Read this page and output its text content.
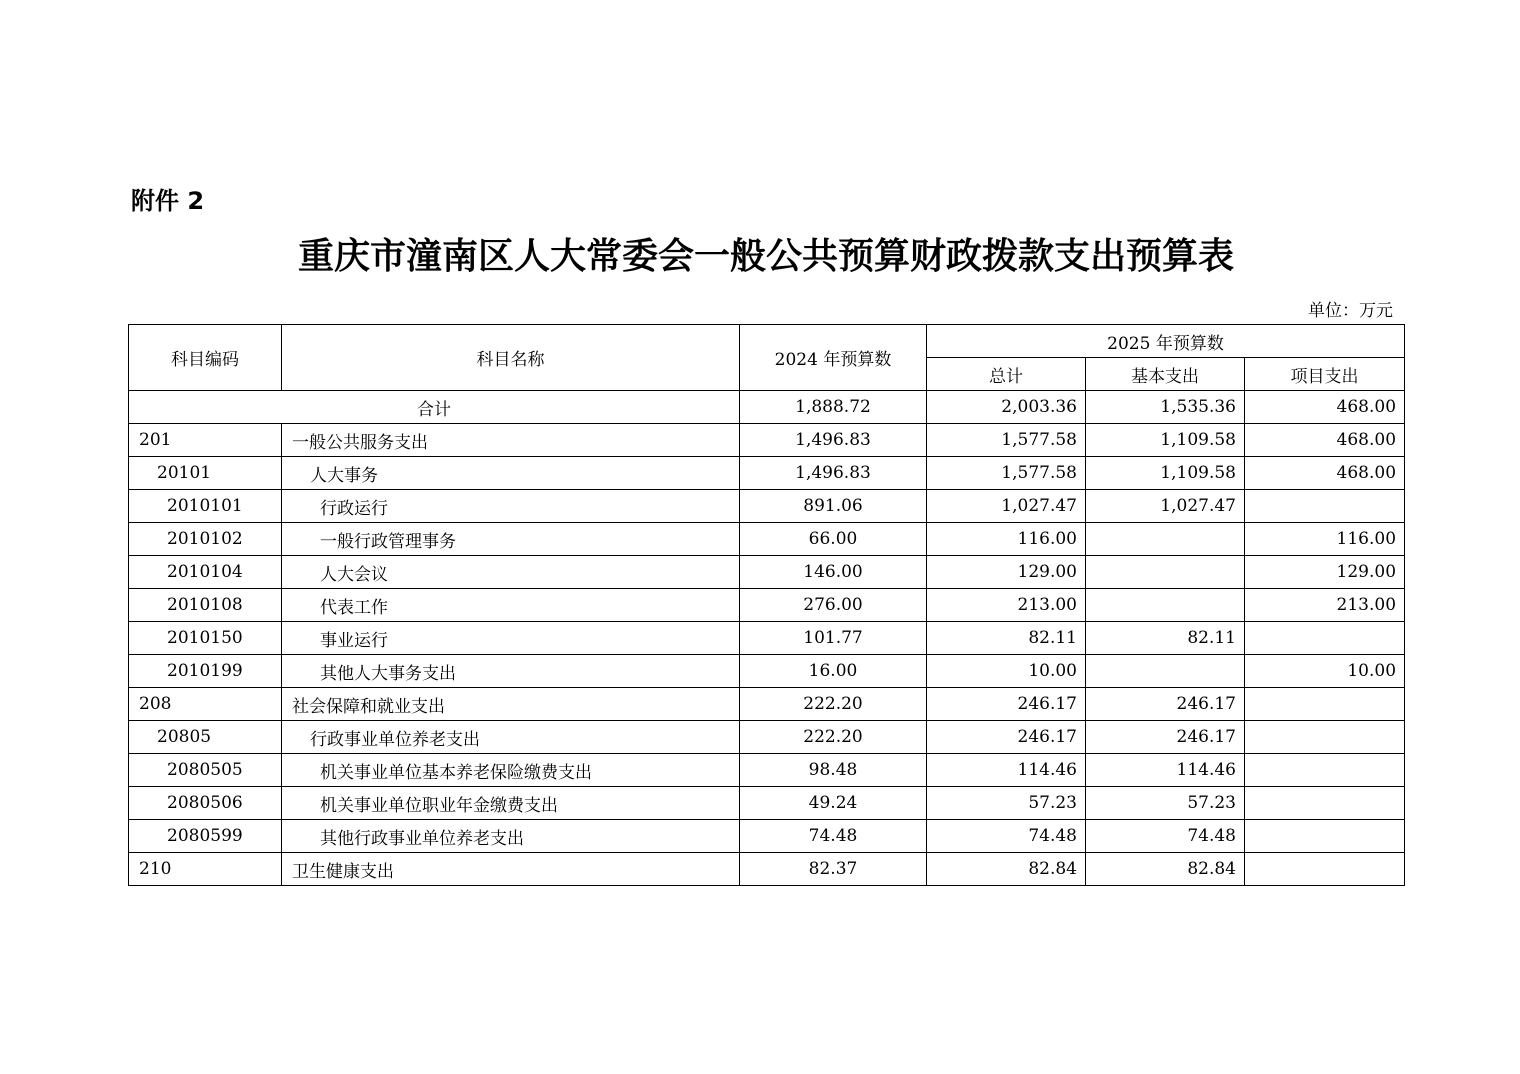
附件 2
重庆市潼南区人大常委会一般公共预算财政拨款支出预算表
单位：万元
科目编码	科目名称	2024 年预算数	2025 年预算数		
			总计	基本支出	项目支出
合计		1,888.72	2,003.36	1,535.36	468.00
201	一般公共服务支出	1,496.83	1,577.58	1,109.58	468.00
20101	人大事务	1,496.83	1,577.58	1,109.58	468.00
2010101	行政运行	891.06	1,027.47	1,027.47	
2010102	一般行政管理事务	66.00	116.00		116.00
2010104	人大会议	146.00	129.00		129.00
2010108	代表工作	276.00	213.00		213.00
2010150	事业运行	101.77	82.11	82.11	
2010199	其他人大事务支出	16.00	10.00		10.00
208	社会保障和就业支出	222.20	246.17	246.17	
20805	行政事业单位养老支出	222.20	246.17	246.17	
2080505	机关事业单位基本养老保险缴费支出	98.48	114.46	114.46	
2080506	机关事业单位职业年金缴费支出	49.24	57.23	57.23	
2080599	其他行政事业单位养老支出	74.48	74.48	74.48	
210	卫生健康支出	82.37	82.84	82.84	
